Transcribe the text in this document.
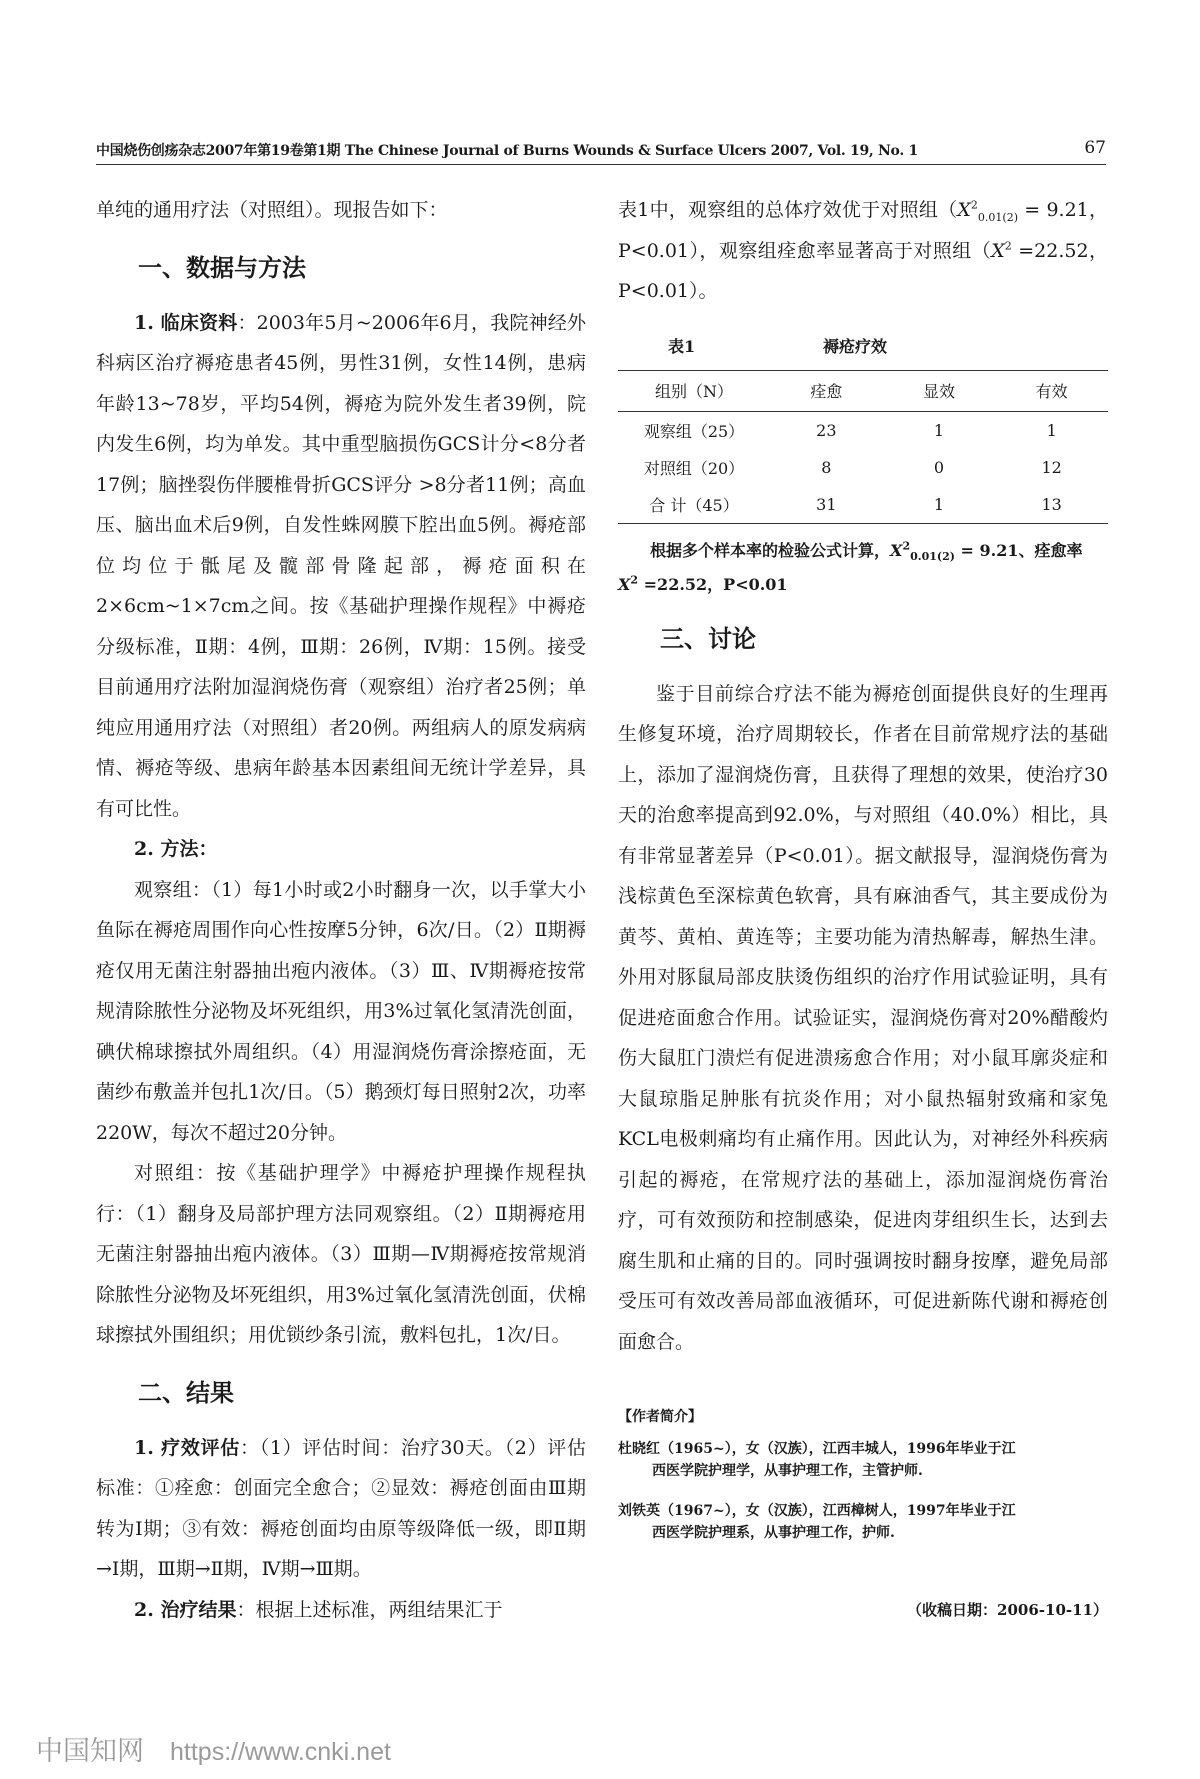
中国烧伤创疡杂志2007年第19卷第1期 The Chinese Journal of Burns Wounds & Surface Ulcers 2007, Vol. 19, No. 1	67

单纯的通用疗法（对照组）。现报告如下：

一、数据与方法

1. 临床资料：2003年5月~2006年6月，我院神经外科病区治疗褥疮患者45例，男性31例，女性14例，患病年龄13~78岁，平均54例，褥疮为院外发生者39例，院内发生6例，均为单发。其中重型脑损伤GCS计分<8分者17例；脑挫裂伤伴腰椎骨折GCS评分 >8分者11例；高血压、脑出血术后9例，自发性蛛网膜下腔出血5例。褥疮部位均位于骶尾及髋部骨隆起部，褥疮面积在2×6cm~1×7cm之间。按《基础护理操作规程》中褥疮分级标准，Ⅱ期：4例，Ⅲ期：26例，Ⅳ期：15例。接受目前通用疗法附加湿润烧伤膏（观察组）治疗者25例；单纯应用通用疗法（对照组）者20例。两组病人的原发病病情、褥疮等级、患病年龄基本因素组间无统计学差异，具有可比性。

2. 方法：

观察组：（1）每1小时或2小时翻身一次，以手掌大小鱼际在褥疮周围作向心性按摩5分钟，6次/日。（2）Ⅱ期褥疮仅用无菌注射器抽出疱内液体。（3）Ⅲ、Ⅳ期褥疮按常规清除脓性分泌物及坏死组织，用3%过氧化氢清洗创面，碘伏棉球擦拭外周组织。（4）用湿润烧伤膏涂擦疮面，无菌纱布敷盖并包扎1次/日。（5）鹅颈灯每日照射2次，功率220W，每次不超过20分钟。

对照组：按《基础护理学》中褥疮护理操作规程执行：（1）翻身及局部护理方法同观察组。（2）Ⅱ期褥疮用无菌注射器抽出疱内液体。（3）Ⅲ期—Ⅳ期褥疮按常规消除脓性分泌物及坏死组织，用3%过氧化氢清洗创面，伏棉球擦拭外围组织；用优锁纱条引流，敷料包扎，1次/日。

二、结果

1. 疗效评估：（1）评估时间：治疗30天。（2）评估标准：①痊愈：创面完全愈合；②显效：褥疮创面由Ⅲ期转为Ⅰ期；③有效：褥疮创面均由原等级降低一级，即Ⅱ期→Ⅰ期，Ⅲ期→Ⅱ期，Ⅳ期→Ⅲ期。

2. 治疗结果：根据上述标准，两组结果汇于

表1中，观察组的总体疗效优于对照组（$X^2_{0.01(2)} = 9.21$，P<0.01），观察组痊愈率显著高于对照组（$X^2 =22.52$，P<0.01）。

表1	褥疮疗效
组别（N）	痊愈	显效	有效
观察组（25）	23	1	1
对照组（20）	8	0	12
合 计（45）	31	1	13

根据多个样本率的检验公式计算，$X^2_{0.01(2)} = 9.21$、痊愈率 $X^2 =22.52$，P<0.01

三、讨论

鉴于目前综合疗法不能为褥疮创面提供良好的生理再生修复环境，治疗周期较长，作者在目前常规疗法的基础上，添加了湿润烧伤膏，且获得了理想的效果，使治疗30天的治愈率提高到92.0%，与对照组（40.0%）相比，具有非常显著差异（P<0.01）。据文献报导，湿润烧伤膏为浅棕黄色至深棕黄色软膏，具有麻油香气，其主要成份为黄芩、黄柏、黄连等；主要功能为清热解毒，解热生津。外用对豚鼠局部皮肤烫伤组织的治疗作用试验证明，具有促进疮面愈合作用。试验证实，湿润烧伤膏对20%醋酸灼伤大鼠肛门溃烂有促进溃疡愈合作用；对小鼠耳廓炎症和大鼠琼脂足肿胀有抗炎作用；对小鼠热辐射致痛和家兔KCL电极刺痛均有止痛作用。因此认为，对神经外科疾病引起的褥疮，在常规疗法的基础上，添加湿润烧伤膏治疗，可有效预防和控制感染，促进肉芽组织生长，达到去腐生肌和止痛的目的。同时强调按时翻身按摩，避免局部受压可有效改善局部血液循环，可促进新陈代谢和褥疮创面愈合。

【作者简介】
杜晓红（1965~），女（汉族），江西丰城人，1996年毕业于江
西医学院护理学，从事护理工作，主管护师.
刘铁英（1967~），女（汉族），江西樟树人，1997年毕业于江
西医学院护理系，从事护理工作，护师.
（收稿日期：2006-10-11）
中国知网 https://www.cnki.net
